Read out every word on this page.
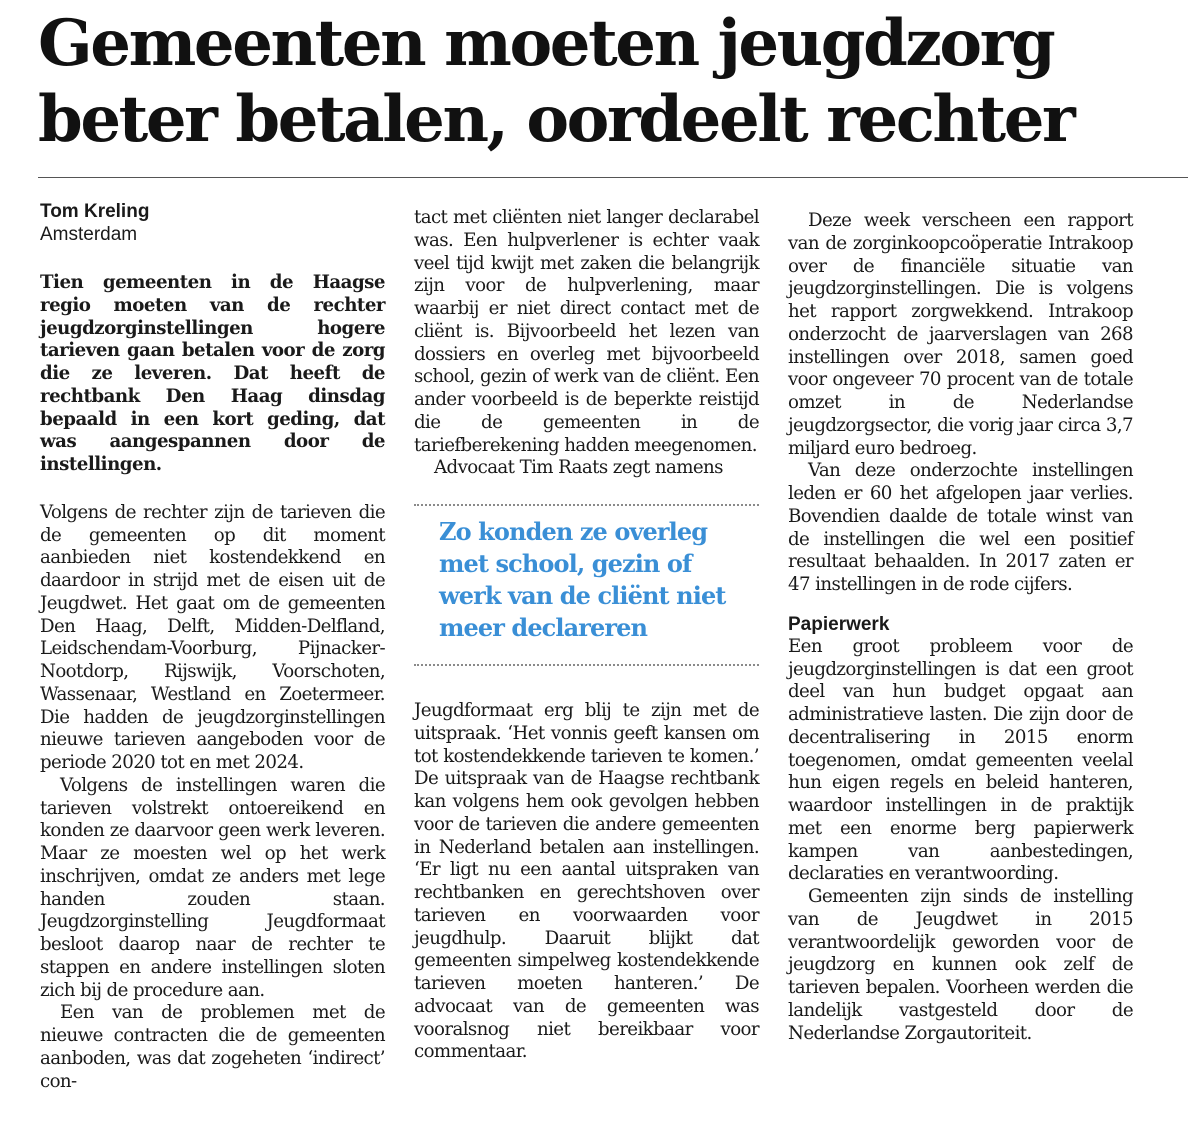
Gemeenten moeten jeugdzorg beter betalen, oordeelt rechter
Tom Kreling
Amsterdam

Tien gemeenten in de Haagse regio moeten van de rechter jeugdzorginstellingen hogere tarieven gaan betalen voor de zorg die ze leveren. Dat heeft de rechtbank Den Haag dinsdag bepaald in een kort geding, dat was aangespannen door de instellingen.

Volgens de rechter zijn de tarieven die de gemeenten op dit moment aanbieden niet kostendekkend en daardoor in strijd met de eisen uit de Jeugdwet. Het gaat om de gemeenten Den Haag, Delft, Midden-Delfland, Leidschendam-Voorburg, Pijnacker-Nootdorp, Rijswijk, Voorschoten, Wassenaar, Westland en Zoetermeer. Die hadden de jeugdzorginstellingen nieuwe tarieven aangeboden voor de periode 2020 tot en met 2024.

Volgens de instellingen waren die tarieven volstrekt ontoereikend en konden ze daarvoor geen werk leveren. Maar ze moesten wel op het werk inschrijven, omdat ze anders met lege handen zouden staan. Jeugdzorginstelling Jeugdformaat besloot daarop naar de rechter te stappen en andere instellingen sloten zich bij de procedure aan.

Een van de problemen met de nieuwe contracten die de gemeenten aanboden, was dat zogeheten ‘indirect’ con-

tact met cliënten niet langer declarabel was. Een hulpverlener is echter vaak veel tijd kwijt met zaken die belangrijk zijn voor de hulpverlening, maar waarbij er niet direct contact met de cliënt is. Bijvoorbeeld het lezen van dossiers en overleg met bijvoorbeeld school, gezin of werk van de cliënt. Een ander voorbeeld is de beperkte reistijd die de gemeenten in de tariefberekening hadden meegenomen.

Advocaat Tim Raats zegt namens

Zo konden ze overleg met school, gezin of werk van de cliënt niet meer declareren

Jeugdformaat erg blij te zijn met de uitspraak. ‘Het vonnis geeft kansen om tot kostendekkende tarieven te komen.’ De uitspraak van de Haagse rechtbank kan volgens hem ook gevolgen hebben voor de tarieven die andere gemeenten in Nederland betalen aan instellingen. ‘Er ligt nu een aantal uitspraken van rechtbanken en gerechtshoven over tarieven en voorwaarden voor jeugdhulp. Daaruit blijkt dat gemeenten simpelweg kostendekkende tarieven moeten hanteren.’ De advocaat van de gemeenten was vooralsnog niet bereikbaar voor commentaar.

Deze week verscheen een rapport van de zorginkoopcoöperatie Intrakoop over de financiële situatie van jeugdzorginstellingen. Die is volgens het rapport zorgwekkend. Intrakoop onderzocht de jaarverslagen van 268 instellingen over 2018, samen goed voor ongeveer 70 procent van de totale omzet in de Nederlandse jeugdzorgsector, die vorig jaar circa 3,7 miljard euro bedroeg.

Van deze onderzochte instellingen leden er 60 het afgelopen jaar verlies. Bovendien daalde de totale winst van de instellingen die wel een positief resultaat behaalden. In 2017 zaten er 47 instellingen in de rode cijfers.

Papierwerk

Een groot probleem voor de jeugdzorginstellingen is dat een groot deel van hun budget opgaat aan administratieve lasten. Die zijn door de decentralisering in 2015 enorm toegenomen, omdat gemeenten veelal hun eigen regels en beleid hanteren, waardoor instellingen in de praktijk met een enorme berg papierwerk kampen van aanbestedingen, declaraties en verantwoording.

Gemeenten zijn sinds de instelling van de Jeugdwet in 2015 verantwoordelijk geworden voor de jeugdzorg en kunnen ook zelf de tarieven bepalen. Voorheen werden die landelijk vastgesteld door de Nederlandse Zorgautoriteit.
